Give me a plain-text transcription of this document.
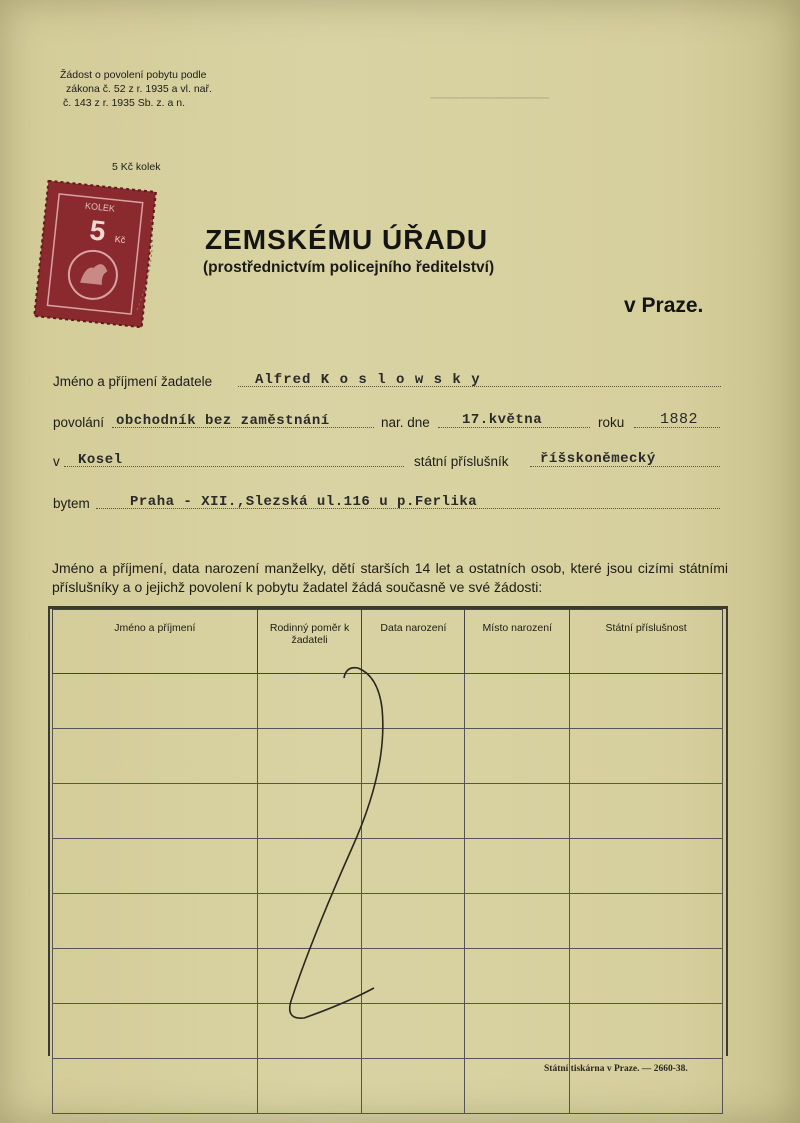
Žádost o povolení pobytu podle
zákona č. 52 z r. 1935 a vl. nař.
č. 143 z r. 1935 Sb. z. a n.
5 Kč kolek
KOLEK
5 Kč	ZEMSKÉMU ÚŘADU
(prostřednictvím policejního ředitelství)
v Praze.
▁▁▁▁▁▁▁▁▁▁▁▁▁▁▁▁▁▁
Jméno a příjmení žadatele	Alfred K o s l o w s k y
povolání obchodník bez zaměstnání	nar. dne 17.května	roku 1882
v Kosel	státní příslušník říšskoněmecký
bytem	Praha - XII.,Slezská ul.116 u p.Ferlika
Jméno a příjmení, data narození manželky, dětí starších 14 let a ostatních osob, které jsou cizími státními příslušníky a o jejichž povolení k pobytu žadatel žádá současně ve své žádosti:
Jméno a příjmení	Rodinný poměr k žadateli	Data narození	Místo narození	Státní příslušnost

Státní tiskárna v Praze. — 2660-38.
